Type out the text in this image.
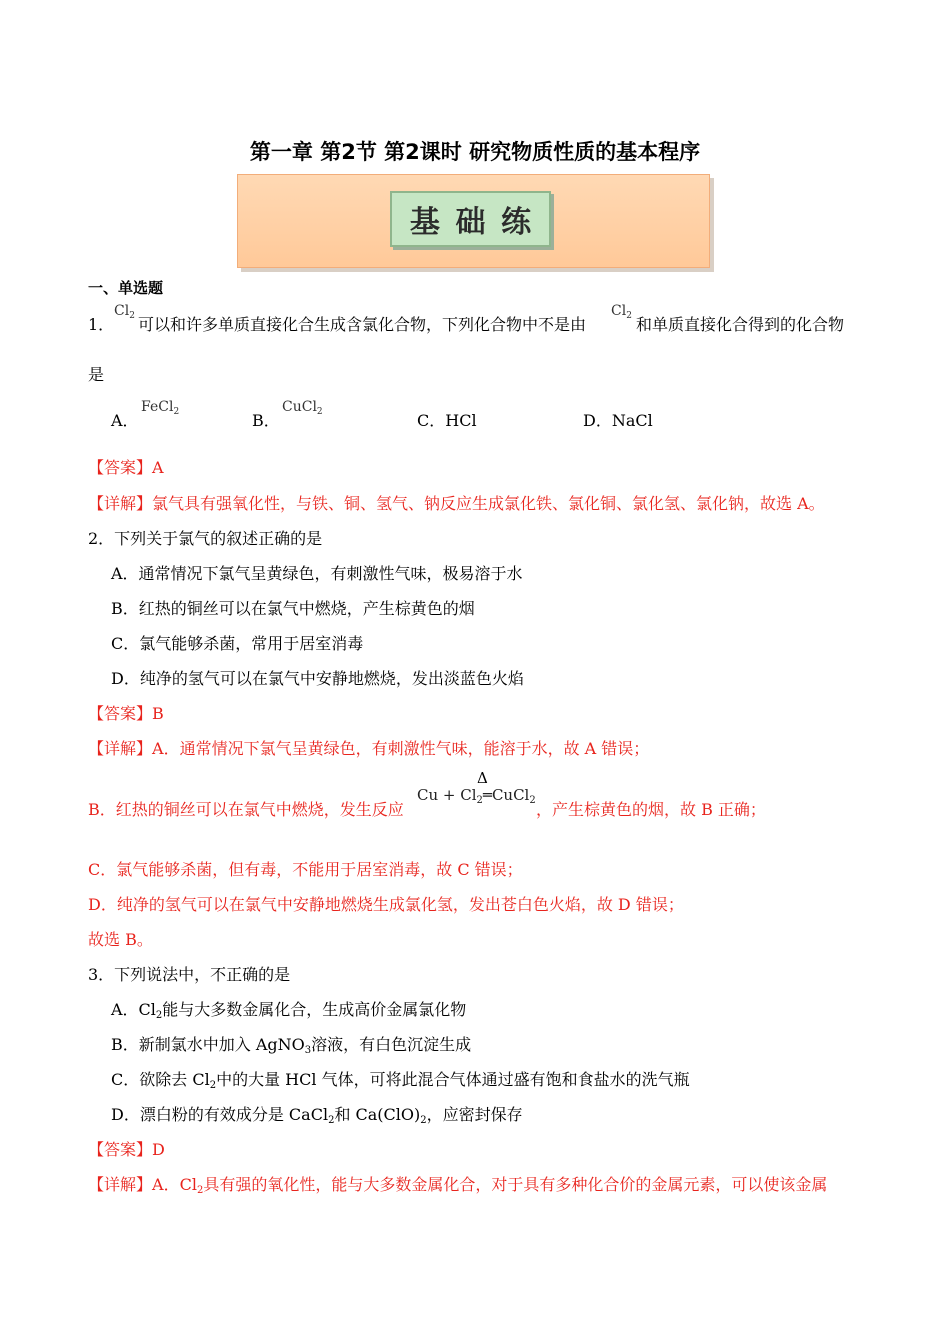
第一章 第2节 第2课时 研究物质性质的基本程序
基 础 练
一、单选题
1．
$Cl_2$ 可以和许多单质直接化合生成含氯化合物，下列化合物中不是由
$Cl_2$ 和单质直接化合得到的化合物
是
A．
FeCl$_2$	B．
CuCl$_2$	C．HCl	D．NaCl
【答案】A
【详解】氯气具有强氧化性，与铁、铜、氢气、钠反应生成氯化铁、氯化铜、氯化氢、氯化钠，故选 A。
2．下列关于氯气的叙述正确的是
A．通常情况下氯气呈黄绿色，有刺激性气味，极易溶于水
B．红热的铜丝可以在氯气中燃烧，产生棕黄色的烟
C．氯气能够杀菌，常用于居室消毒
D．纯净的氢气可以在氯气中安静地燃烧，发出淡蓝色火焰
【答案】B
【详解】A．通常情况下氯气呈黄绿色，有刺激性气味，能溶于水，故 A 错误；
B．红热的铜丝可以在氯气中燃烧，发生反应
Δ
$Cu + Cl_2═CuCl_2$ ，产生棕黄色的烟，故 B 正确；
C．氯气能够杀菌，但有毒，不能用于居室消毒，故 C 错误；
D．纯净的氢气可以在氯气中安静地燃烧生成氯化氢，发出苍白色火焰，故 D 错误；
故选 B。
3．下列说法中，不正确的是
A．Cl2能与大多数金属化合，生成高价金属氯化物
B．新制氯水中加入 AgNO3溶液，有白色沉淀生成
C．欲除去 Cl2中的大量 HCl 气体，可将此混合气体通过盛有饱和食盐水的洗气瓶
D．漂白粉的有效成分是 CaCl2和 Ca(ClO)2，应密封保存
【答案】D
【详解】A．Cl2具有强的氧化性，能与大多数金属化合，对于具有多种化合价的金属元素，可以使该金属
